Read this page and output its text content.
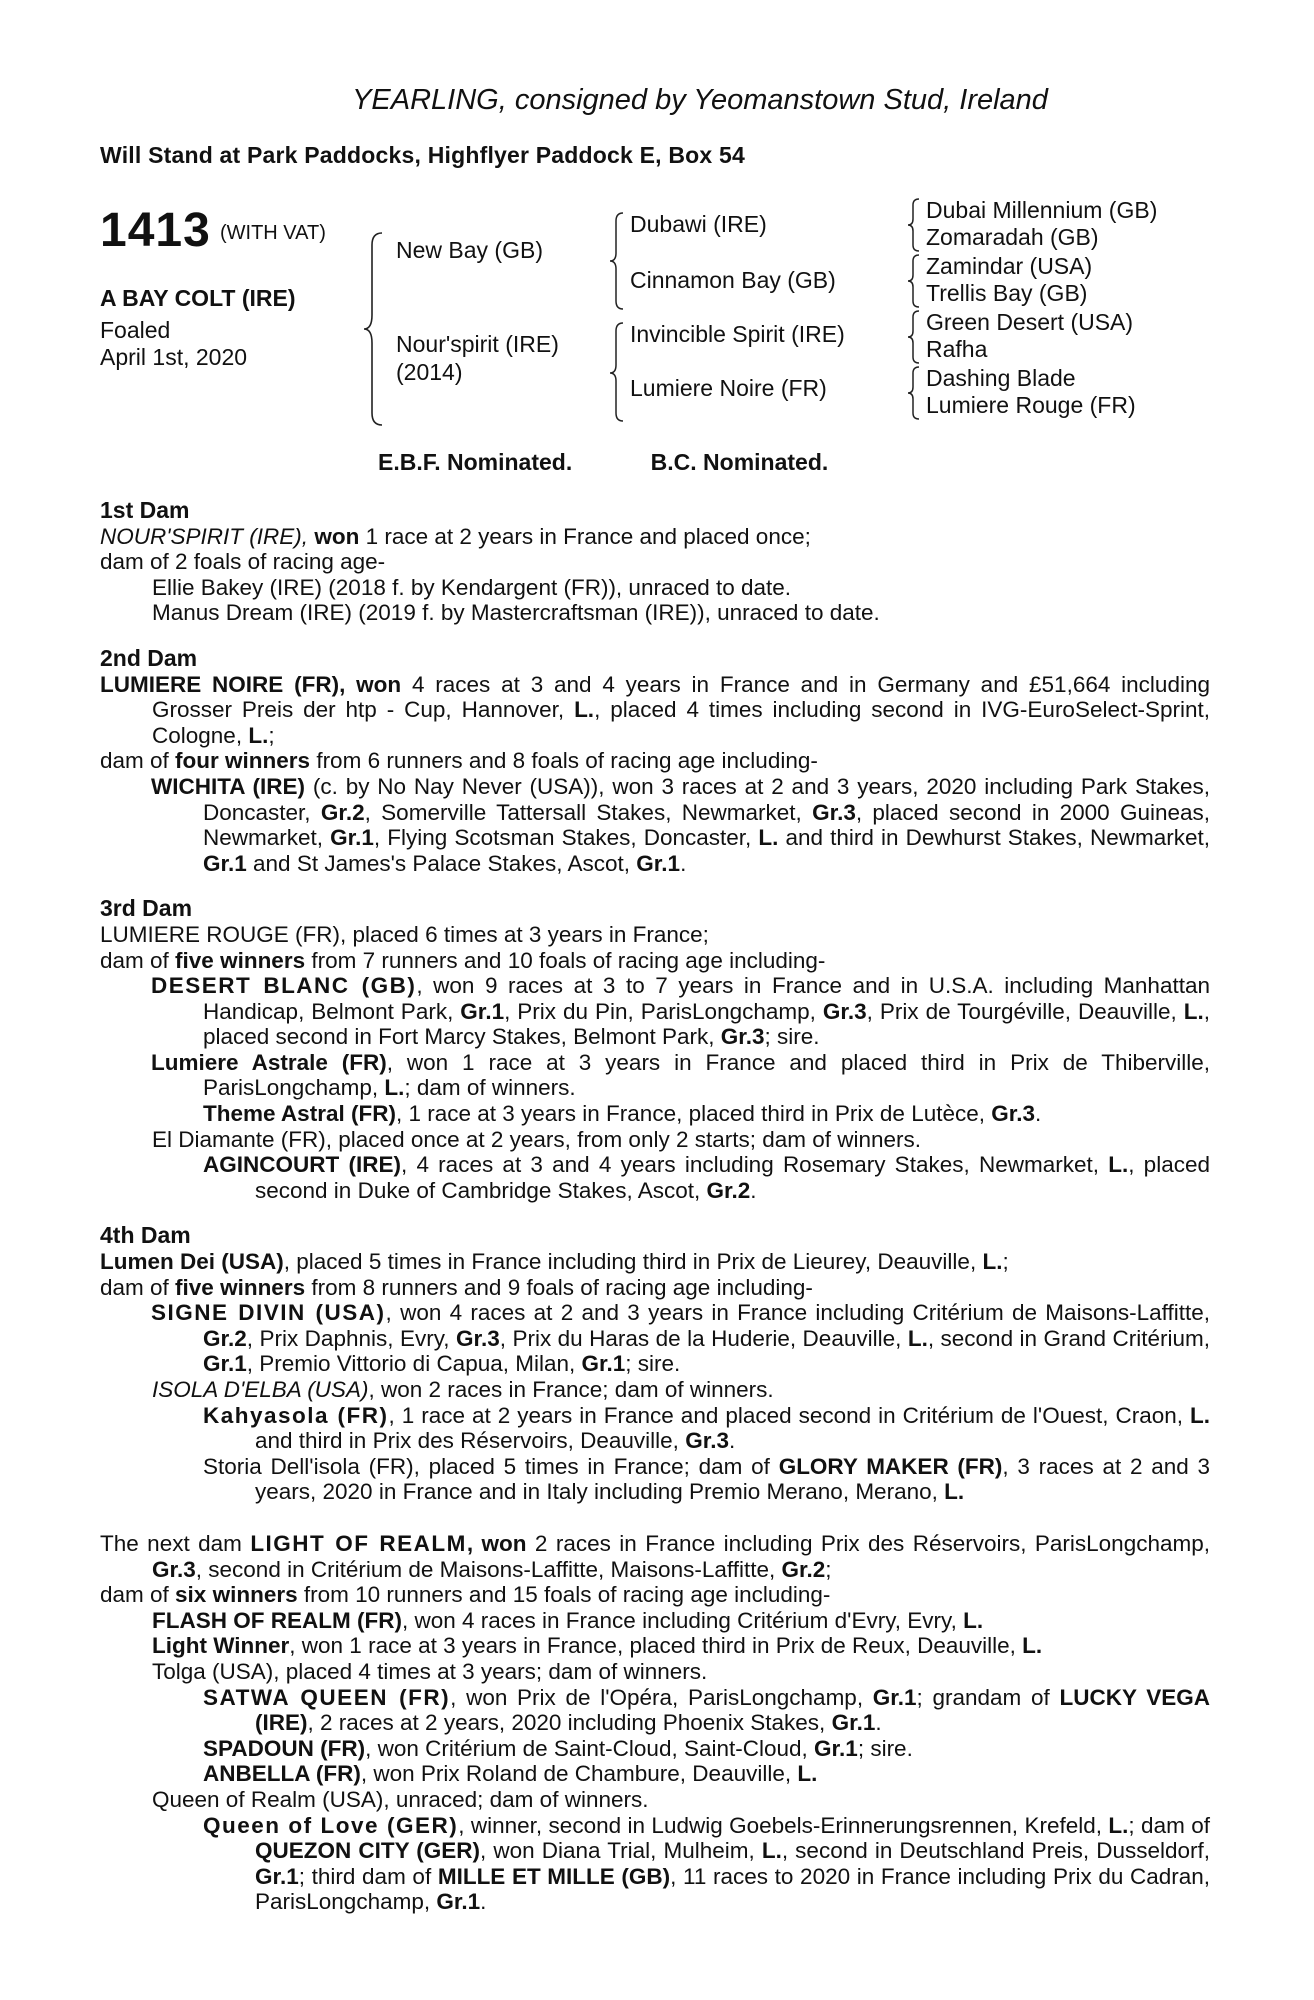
YEARLING, consigned by Yeomanstown Stud, Ireland
Will Stand at Park Paddocks, Highflyer Paddock E, Box 54
1413 (WITH VAT)
A BAY COLT (IRE)
Foaled
April 1st, 2020
New Bay (GB)
Nour'spirit (IRE)
(2014)
Dubawi (IRE)
Cinnamon Bay (GB)
Invincible Spirit (IRE)
Lumiere Noire (FR)
Dubai Millennium (GB)
Zomaradah (GB)
Zamindar (USA)
Trellis Bay (GB)
Green Desert (USA)
Rafha
Dashing Blade
Lumiere Rouge (FR)
E.B.F. Nominated.	B.C. Nominated.
1st Dam

NOUR'SPIRIT (IRE), won 1 race at 2 years in France and placed once;

dam of 2 foals of racing age-

Ellie Bakey (IRE) (2018 f. by Kendargent (FR)), unraced to date.

Manus Dream (IRE) (2019 f. by Mastercraftsman (IRE)), unraced to date.

2nd Dam

LUMIERE NOIRE (FR), won 4 races at 3 and 4 years in France and in Germany and £51,664 including Grosser Preis der htp - Cup, Hannover, L., placed 4 times including second in IVG-EuroSelect-Sprint, Cologne, L.;

dam of four winners from 6 runners and 8 foals of racing age including-

WICHITA (IRE) (c. by No Nay Never (USA)), won 3 races at 2 and 3 years, 2020 including Park Stakes, Doncaster, Gr.2, Somerville Tattersall Stakes, Newmarket, Gr.3, placed second in 2000 Guineas, Newmarket, Gr.1, Flying Scotsman Stakes, Doncaster, L. and third in Dewhurst Stakes, Newmarket, Gr.1 and St James's Palace Stakes, Ascot, Gr.1.

3rd Dam

LUMIERE ROUGE (FR), placed 6 times at 3 years in France;

dam of five winners from 7 runners and 10 foals of racing age including-

DESERT BLANC (GB), won 9 races at 3 to 7 years in France and in U.S.A. including Manhattan Handicap, Belmont Park, Gr.1, Prix du Pin, ParisLongchamp, Gr.3, Prix de Tourgéville, Deauville, L., placed second in Fort Marcy Stakes, Belmont Park, Gr.3; sire.

Lumiere Astrale (FR), won 1 race at 3 years in France and placed third in Prix de Thiberville, ParisLongchamp, L.; dam of winners.

Theme Astral (FR), 1 race at 3 years in France, placed third in Prix de Lutèce, Gr.3.

El Diamante (FR), placed once at 2 years, from only 2 starts; dam of winners.

AGINCOURT (IRE), 4 races at 3 and 4 years including Rosemary Stakes, Newmarket, L., placed second in Duke of Cambridge Stakes, Ascot, Gr.2.

4th Dam

Lumen Dei (USA), placed 5 times in France including third in Prix de Lieurey, Deauville, L.;

dam of five winners from 8 runners and 9 foals of racing age including-

SIGNE DIVIN (USA), won 4 races at 2 and 3 years in France including Critérium de Maisons-Laffitte, Gr.2, Prix Daphnis, Evry, Gr.3, Prix du Haras de la Huderie, Deauville, L., second in Grand Critérium, Gr.1, Premio Vittorio di Capua, Milan, Gr.1; sire.

ISOLA D'ELBA (USA), won 2 races in France; dam of winners.

Kahyasola (FR), 1 race at 2 years in France and placed second in Critérium de l'Ouest, Craon, L. and third in Prix des Réservoirs, Deauville, Gr.3.

Storia Dell'isola (FR), placed 5 times in France; dam of GLORY MAKER (FR), 3 races at 2 and 3 years, 2020 in France and in Italy including Premio Merano, Merano, L.

The next dam LIGHT OF REALM, won 2 races in France including Prix des Réservoirs, ParisLongchamp, Gr.3, second in Critérium de Maisons-Laffitte, Maisons-Laffitte, Gr.2;

dam of six winners from 10 runners and 15 foals of racing age including-

FLASH OF REALM (FR), won 4 races in France including Critérium d'Evry, Evry, L.

Light Winner, won 1 race at 3 years in France, placed third in Prix de Reux, Deauville, L.

Tolga (USA), placed 4 times at 3 years; dam of winners.

SATWA QUEEN (FR), won Prix de l'Opéra, ParisLongchamp, Gr.1; grandam of LUCKY VEGA (IRE), 2 races at 2 years, 2020 including Phoenix Stakes, Gr.1.

SPADOUN (FR), won Critérium de Saint-Cloud, Saint-Cloud, Gr.1; sire.

ANBELLA (FR), won Prix Roland de Chambure, Deauville, L.

Queen of Realm (USA), unraced; dam of winners.

Queen of Love (GER), winner, second in Ludwig Goebels-Erinnerungsrennen, Krefeld, L.; dam of QUEZON CITY (GER), won Diana Trial, Mulheim, L., second in Deutschland Preis, Dusseldorf, Gr.1; third dam of MILLE ET MILLE (GB), 11 races to 2020 in France including Prix du Cadran, ParisLongchamp, Gr.1.
